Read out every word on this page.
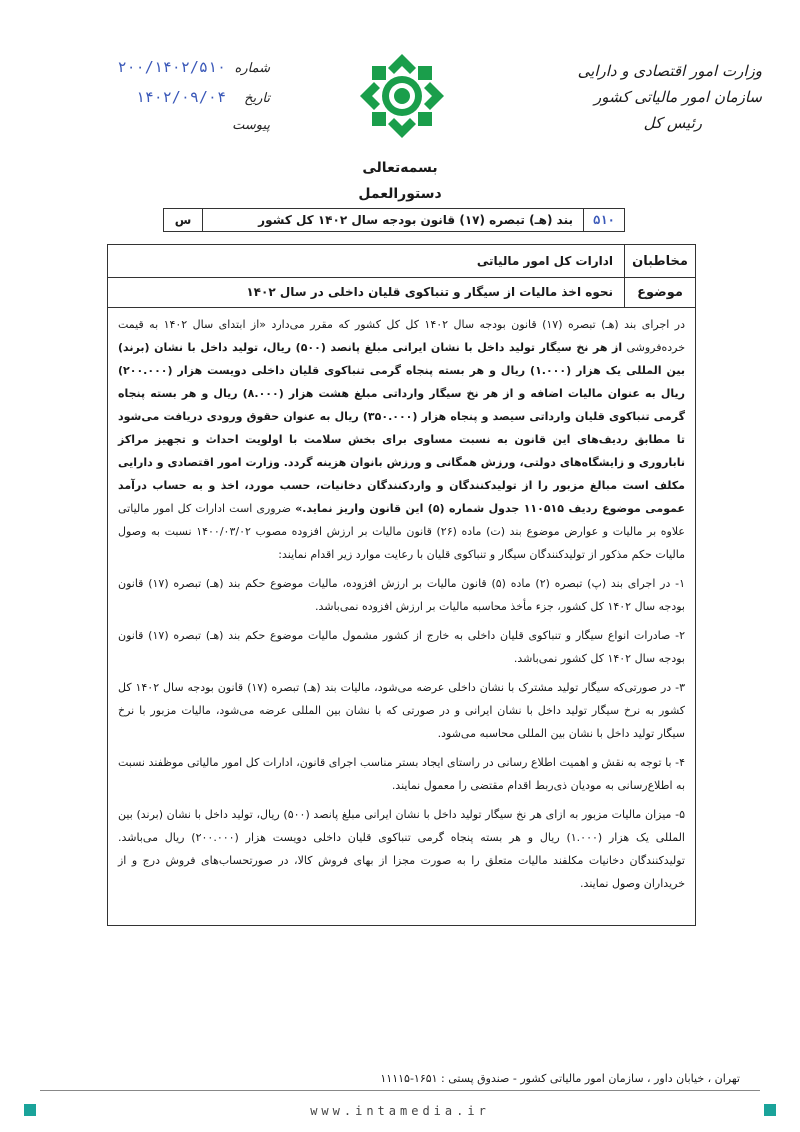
وزارت امور اقتصادی و دارایی
سازمان امور مالیاتی کشور
رئیس کل
شماره
۲۰۰/۱۴۰۲/۵۱۰
تاریخ
۱۴۰۲/۰۹/۰۴
پیوست
بسمه‌تعالی
دستورالعمل
۵۱۰
بند (هـ) تبصره (۱۷) قانون بودجه سال ۱۴۰۲ کل کشور
س
مخاطبان
ادارات کل امور مالیاتی
موضوع
نحوه اخذ مالیات از سیگار و تنباکوی قلیان داخلی در سال ۱۴۰۲
در اجرای بند (هـ) تبصره (۱۷) قانون بودجه سال ۱۴۰۲ کل کل کشور که مقرر می‌دارد «از ابتدای سال ۱۴۰۲ به قیمت خرده‌فروشی از هر نخ سیگار تولید داخل با نشان ایرانی مبلغ پانصد (۵۰۰) ریال، تولید داخل با نشان (برند) بین المللی یک هزار (۱.۰۰۰) ریال و هر بسته پنجاه گرمی تنباکوی قلیان داخلی دویست هزار (۲۰۰.۰۰۰) ریال به عنوان مالیات اضافه و از هر نخ سیگار وارداتی مبلغ هشت هزار (۸.۰۰۰) ریال و هر بسته پنجاه گرمی تنباکوی قلیان وارداتی سیصد و پنجاه هزار (۳۵۰.۰۰۰) ریال به عنوان حقوق ورودی دریافت می‌شود تا مطابق ردیف‌های این قانون به نسبت مساوی برای بخش سلامت با اولویت احداث و تجهیز مراکز ناباروری و زایشگاه‌های دولتی، ورزش همگانی و ورزش بانوان هزینه گردد. وزارت امور اقتصادی و دارایی مکلف است مبالغ مزبور را از تولیدکنندگان و واردکنندگان دخانیات، حسب مورد، اخذ و به حساب درآمد عمومی موضوع ردیف ۱۱۰۵۱۵ جدول شماره (۵) این قانون واریز نماید.» ضروری است ادارات کل امور مالیاتی علاوه بر مالیات و عوارض موضوع بند (ت) ماده (۲۶) قانون مالیات بر ارزش افزوده مصوب ۱۴۰۰/۰۳/۰۲ نسبت به وصول مالیات حکم مذکور از تولیدکنندگان سیگار و تنباکوی قلیان با رعایت موارد زیر اقدام نمایند:
۱- در اجرای بند (پ) تبصره (۲) ماده (۵) قانون مالیات بر ارزش افزوده، مالیات موضوع حکم بند (هـ) تبصره (۱۷) قانون بودجه سال ۱۴۰۲ کل کشور، جزء مأخذ محاسبه مالیات بر ارزش افزوده نمی‌باشد.
۲- صادرات انواع سیگار و تنباکوی قلیان داخلی به خارج از کشور مشمول مالیات موضوع حکم بند (هـ) تبصره (۱۷) قانون بودجه سال ۱۴۰۲ کل کشور نمی‌باشد.
۳- در صورتی‌که سیگار تولید مشترک با نشان داخلی عرضه می‌شود، مالیات بند (هـ) تبصره (۱۷) قانون بودجه سال ۱۴۰۲ کل کشور به نرخ سیگار تولید داخل با نشان ایرانی و در صورتی که با نشان بین المللی عرضه می‌شود، مالیات مزبور با نرخ سیگار تولید داخل با نشان بین المللی محاسبه می‌شود.
۴- با توجه به نقش و اهمیت اطلاع رسانی در راستای ایجاد بستر مناسب اجرای قانون، ادارات کل امور مالیاتی موظفند نسبت به اطلاع‌رسانی به مودیان ذی‌ربط اقدام مقتضی را معمول نمایند.
۵- میزان مالیات مزبور به ازای هر نخ سیگار تولید داخل با نشان ایرانی مبلغ پانصد (۵۰۰) ریال، تولید داخل با نشان (برند) بین المللی یک هزار (۱.۰۰۰) ریال و هر بسته پنجاه گرمی تنباکوی قلیان داخلی دویست هزار (۲۰۰.۰۰۰) ریال می‌باشد. تولیدکنندگان دخانیات مکلفند مالیات متعلق را به صورت مجزا از بهای فروش کالا، در صورتحساب‌های فروش درج و از خریداران وصول نمایند.
تهران ، خیابان داور ، سازمان امور مالیاتی کشور - صندوق پستی : ۱۶۵۱-۱۱۱۱۵
www.intamedia.ir
